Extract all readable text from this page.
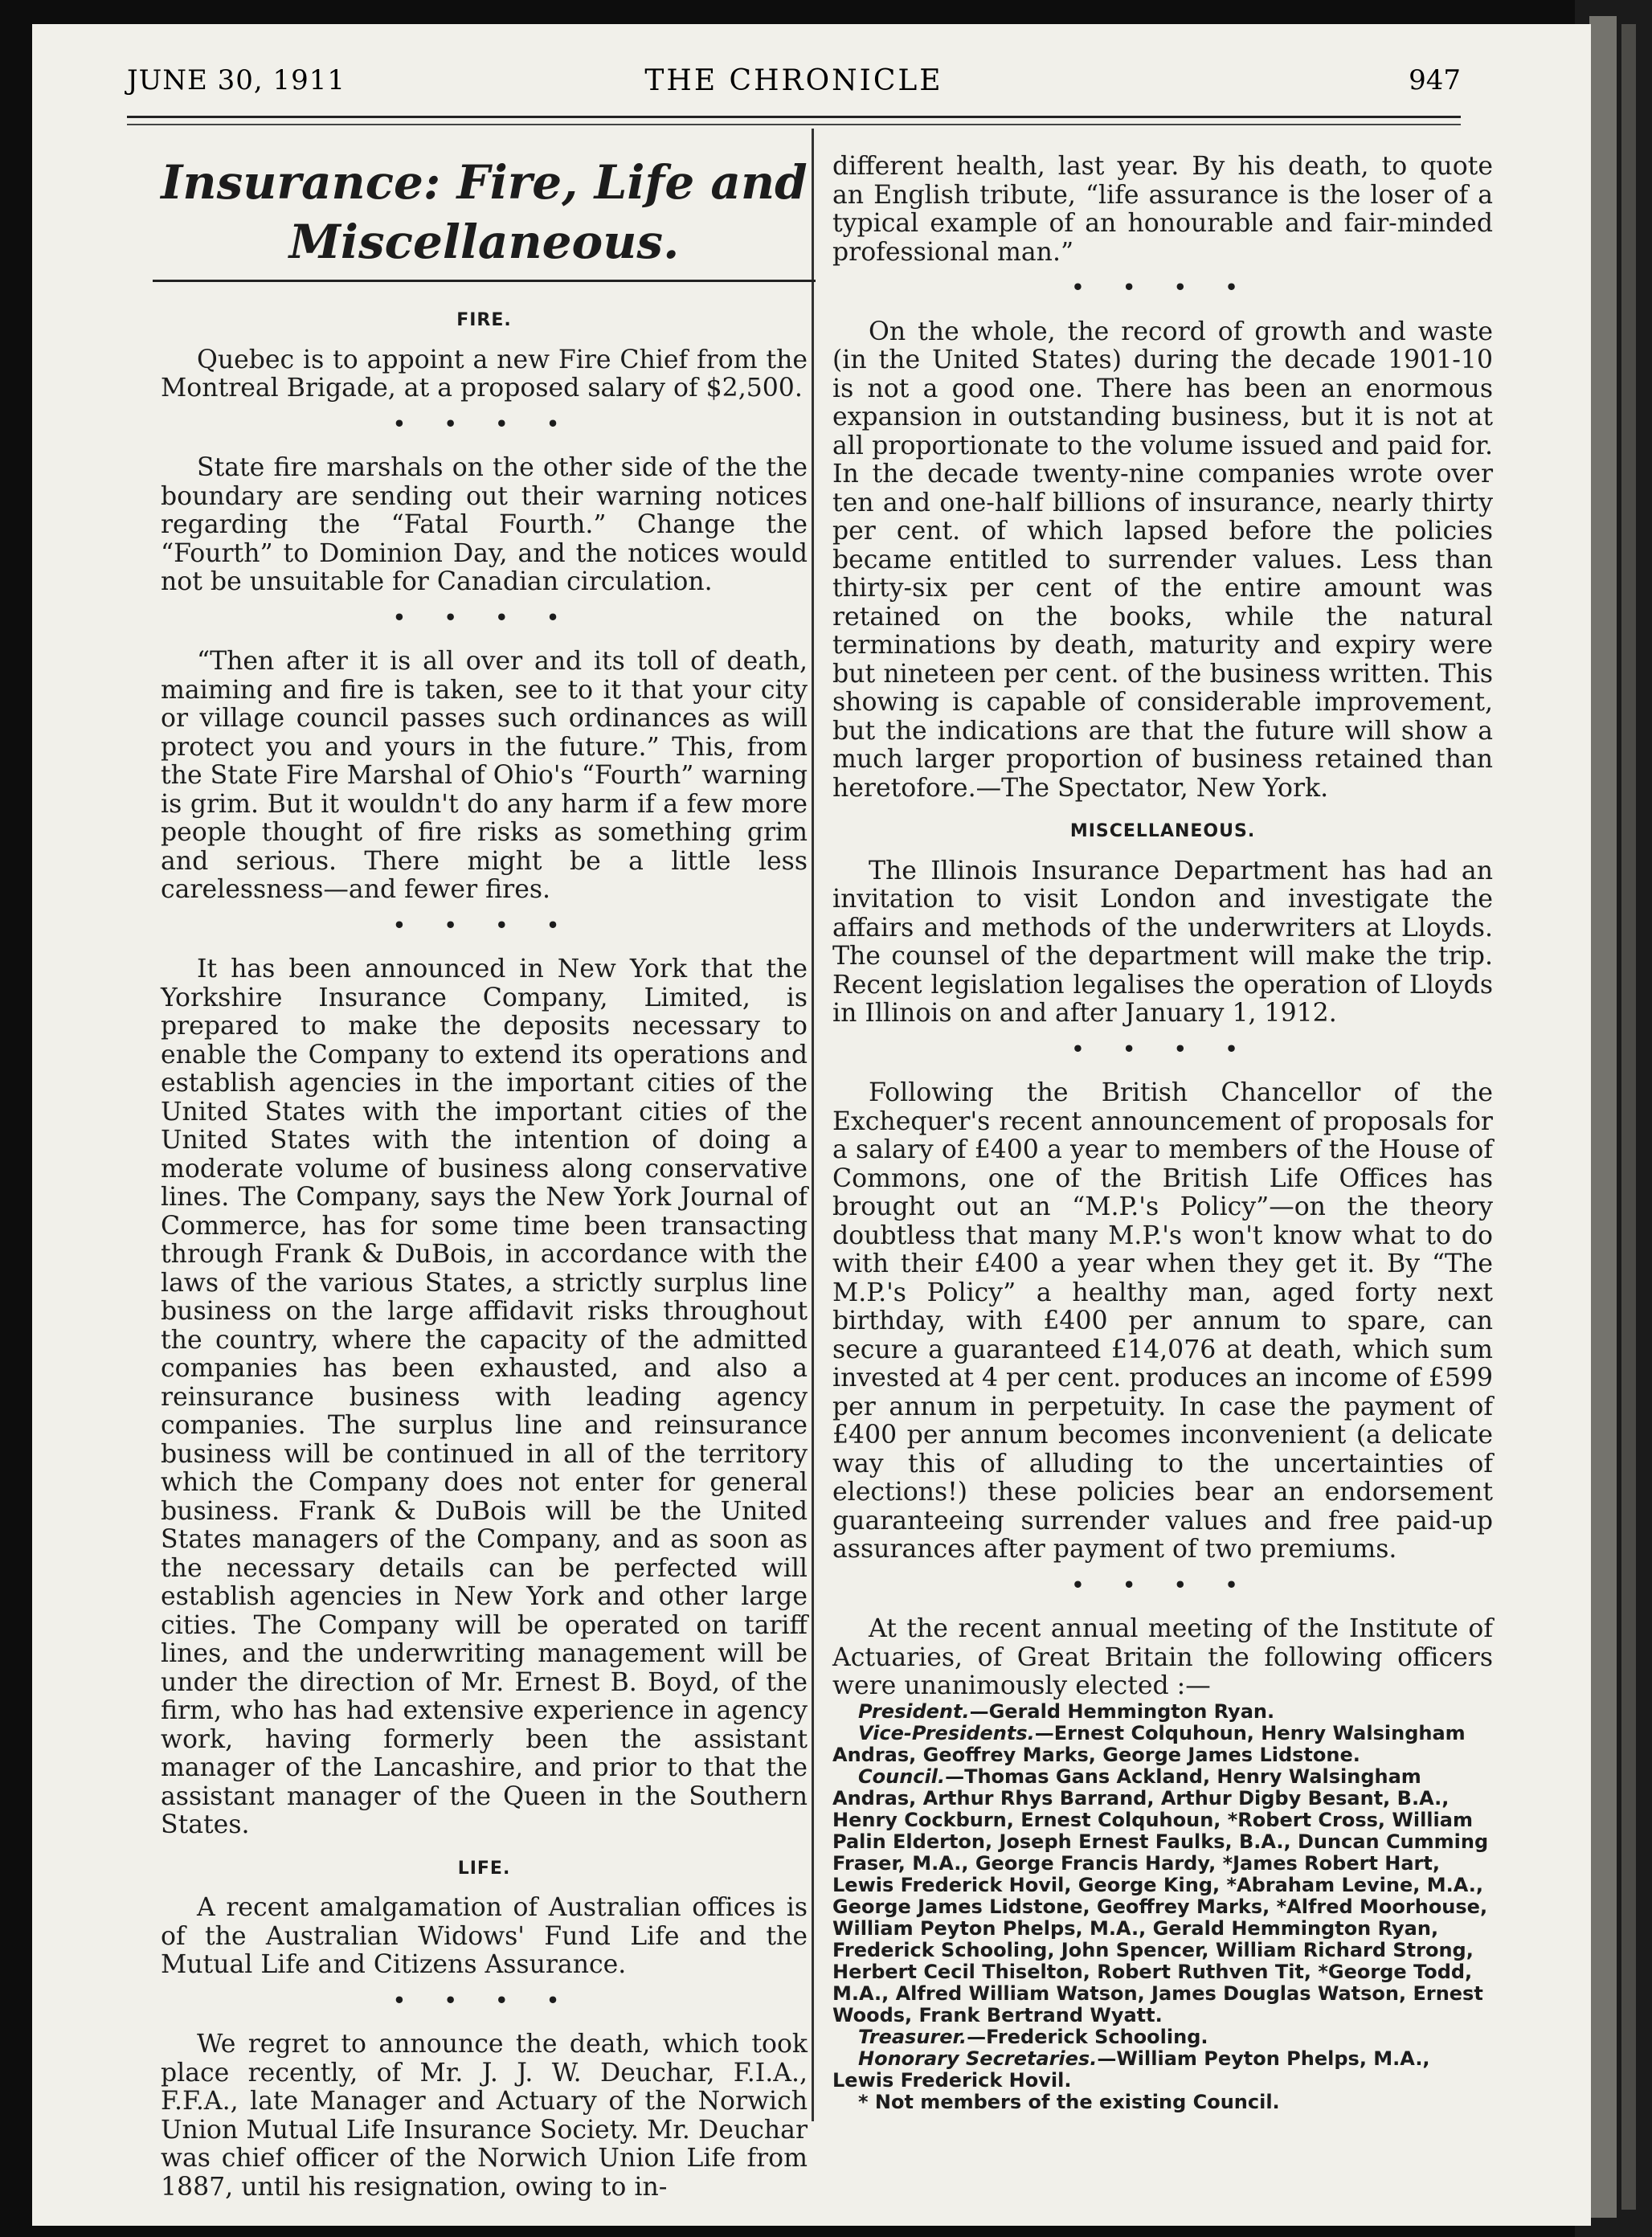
JUNE 30, 1911	THE CHRONICLE	947
Insurance: Fire, Life and Miscellaneous.
FIRE.

Quebec is to appoint a new Fire Chief from the Montreal Brigade, at a proposed salary of $2,500.

• • • •

State fire marshals on the other side of the the boundary are sending out their warning notices regarding the “Fatal Fourth.” Change the “Fourth” to Dominion Day, and the notices would not be unsuitable for Canadian circulation.

• • • •

“Then after it is all over and its toll of death, maiming and fire is taken, see to it that your city or village council passes such ordinances as will protect you and yours in the future.” This, from the State Fire Marshal of Ohio's “Fourth” warning is grim. But it wouldn't do any harm if a few more people thought of fire risks as something grim and serious. There might be a little less carelessness—and fewer fires.

• • • •

It has been announced in New York that the Yorkshire Insurance Company, Limited, is prepared to make the deposits necessary to enable the Company to extend its operations and establish agencies in the important cities of the United States with the important cities of the United States with the intention of doing a moderate volume of business along conservative lines. The Company, says the New York Journal of Commerce, has for some time been transacting through Frank & DuBois, in accordance with the laws of the various States, a strictly surplus line business on the large affidavit risks throughout the country, where the capacity of the admitted companies has been exhausted, and also a reinsurance business with leading agency companies. The surplus line and reinsurance business will be continued in all of the territory which the Company does not enter for general business. Frank & DuBois will be the United States managers of the Company, and as soon as the necessary details can be perfected will establish agencies in New York and other large cities. The Company will be operated on tariff lines, and the underwriting management will be under the direction of Mr. Ernest B. Boyd, of the firm, who has had extensive experience in agency work, having formerly been the assistant manager of the Lancashire, and prior to that the assistant manager of the Queen in the Southern States.

LIFE.

A recent amalgamation of Australian offices is of the Australian Widows' Fund Life and the Mutual Life and Citizens Assurance.

• • • •

We regret to announce the death, which took place recently, of Mr. J. J. W. Deuchar, F.I.A., F.F.A., late Manager and Actuary of the Norwich Union Mutual Life Insurance Society. Mr. Deuchar was chief officer of the Norwich Union Life from 1887, until his resignation, owing to in-

different health, last year. By his death, to quote an English tribute, “life assurance is the loser of a typical example of an honourable and fair-minded professional man.”

• • • •

On the whole, the record of growth and waste (in the United States) during the decade 1901-10 is not a good one. There has been an enormous expansion in outstanding business, but it is not at all proportionate to the volume issued and paid for. In the decade twenty-nine companies wrote over ten and one-half billions of insurance, nearly thirty per cent. of which lapsed before the policies became entitled to surrender values. Less than thirty-six per cent of the entire amount was retained on the books, while the natural terminations by death, maturity and expiry were but nineteen per cent. of the business written. This showing is capable of considerable improvement, but the indications are that the future will show a much larger proportion of business retained than heretofore.—The Spectator, New York.

MISCELLANEOUS.

The Illinois Insurance Department has had an invitation to visit London and investigate the affairs and methods of the underwriters at Lloyds. The counsel of the department will make the trip. Recent legislation legalises the operation of Lloyds in Illinois on and after January 1, 1912.

• • • •

Following the British Chancellor of the Exchequer's recent announcement of proposals for a salary of £400 a year to members of the House of Commons, one of the British Life Offices has brought out an “M.P.'s Policy”—on the theory doubtless that many M.P.'s won't know what to do with their £400 a year when they get it. By “The M.P.'s Policy” a healthy man, aged forty next birthday, with £400 per annum to spare, can secure a guaranteed £14,076 at death, which sum invested at 4 per cent. produces an income of £599 per annum in perpetuity. In case the payment of £400 per annum becomes inconvenient (a delicate way this of alluding to the uncertainties of elections!) these policies bear an endorsement guaranteeing surrender values and free paid-up assurances after payment of two premiums.

• • • •

At the recent annual meeting of the Institute of Actuaries, of Great Britain the following officers were unanimously elected :—

President.—Gerald Hemmington Ryan.
Vice-Presidents.—Ernest Colquhoun, Henry Walsingham Andras, Geoffrey Marks, George James Lidstone.
Council.—Thomas Gans Ackland, Henry Walsingham Andras, Arthur Rhys Barrand, Arthur Digby Besant, B.A., Henry Cockburn, Ernest Colquhoun, *Robert Cross, William Palin Elderton, Joseph Ernest Faulks, B.A., Duncan Cumming Fraser, M.A., George Francis Hardy, *James Robert Hart, Lewis Frederick Hovil, George King, *Abraham Levine, M.A., George James Lidstone, Geoffrey Marks, *Alfred Moorhouse, William Peyton Phelps, M.A., Gerald Hemmington Ryan, Frederick Schooling, John Spencer, William Richard Strong, Herbert Cecil Thiselton, Robert Ruthven Tit, *George Todd, M.A., Alfred William Watson, James Douglas Watson, Ernest Woods, Frank Bertrand Wyatt.
Treasurer.—Frederick Schooling.
Honorary Secretaries.—William Peyton Phelps, M.A., Lewis Frederick Hovil.
* Not members of the existing Council.
